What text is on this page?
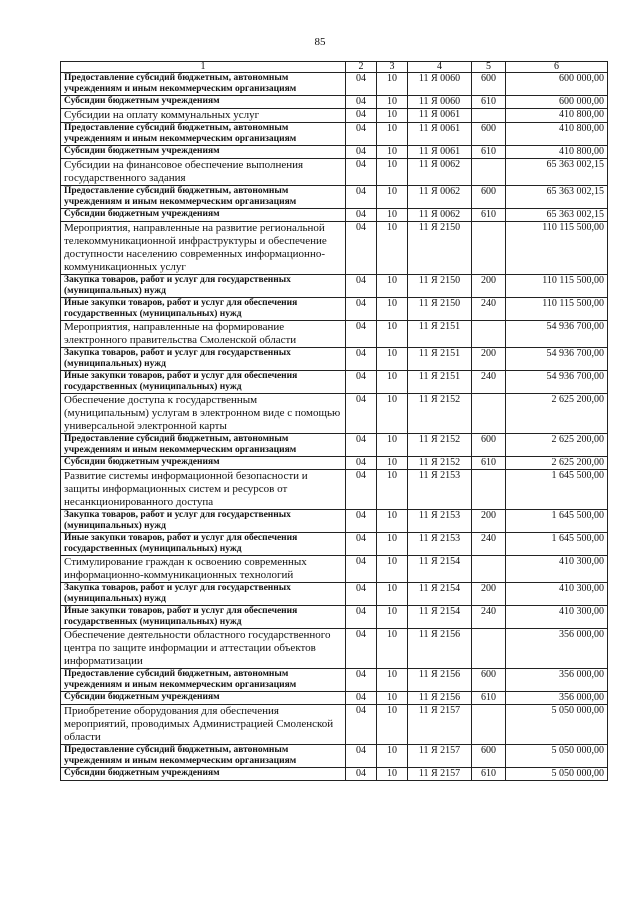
85
1	2	3	4	5	6
Предоставление субсидий бюджетным, автономным учреждениям и иным некоммерческим организациям	04	10	11 Я 0060	600	600 000,00
Субсидии бюджетным учреждениям	04	10	11 Я 0060	610	600 000,00
Субсидии на оплату коммунальных услуг	04	10	11 Я 0061		410 800,00
Предоставление субсидий бюджетным, автономным учреждениям и иным некоммерческим организациям	04	10	11 Я 0061	600	410 800,00
Субсидии бюджетным учреждениям	04	10	11 Я 0061	610	410 800,00
Субсидии на финансовое обеспечение выполнения государственного задания	04	10	11 Я 0062		65 363 002,15
Предоставление субсидий бюджетным, автономным учреждениям и иным некоммерческим организациям	04	10	11 Я 0062	600	65 363 002,15
Субсидии бюджетным учреждениям	04	10	11 Я 0062	610	65 363 002,15
Мероприятия, направленные на развитие региональной телекоммуникационной инфраструктуры и обеспечение доступности населению современных информационно-коммуникационных услуг	04	10	11 Я 2150		110 115 500,00
Закупка товаров, работ и услуг для государственных (муниципальных) нужд	04	10	11 Я 2150	200	110 115 500,00
Иные закупки товаров, работ и услуг для обеспечения государственных (муниципальных) нужд	04	10	11 Я 2150	240	110 115 500,00
Мероприятия, направленные на формирование электронного правительства Смоленской области	04	10	11 Я 2151		54 936 700,00
Закупка товаров, работ и услуг для государственных (муниципальных) нужд	04	10	11 Я 2151	200	54 936 700,00
Иные закупки товаров, работ и услуг для обеспечения государственных (муниципальных) нужд	04	10	11 Я 2151	240	54 936 700,00
Обеспечение доступа к государственным (муниципальным) услугам в электронном виде с помощью универсальной электронной карты	04	10	11 Я 2152		2 625 200,00
Предоставление субсидий бюджетным, автономным учреждениям и иным некоммерческим организациям	04	10	11 Я 2152	600	2 625 200,00
Субсидии бюджетным учреждениям	04	10	11 Я 2152	610	2 625 200,00
Развитие системы информационной безопасности и защиты информационных систем и ресурсов от несанкционированного доступа	04	10	11 Я 2153		1 645 500,00
Закупка товаров, работ и услуг для государственных (муниципальных) нужд	04	10	11 Я 2153	200	1 645 500,00
Иные закупки товаров, работ и услуг для обеспечения государственных (муниципальных) нужд	04	10	11 Я 2153	240	1 645 500,00
Стимулирование граждан к освоению современных информационно-коммуникационных технологий	04	10	11 Я 2154		410 300,00
Закупка товаров, работ и услуг для государственных (муниципальных) нужд	04	10	11 Я 2154	200	410 300,00
Иные закупки товаров, работ и услуг для обеспечения государственных (муниципальных) нужд	04	10	11 Я 2154	240	410 300,00
Обеспечение деятельности областного государственного центра по защите информации и аттестации объектов информатизации	04	10	11 Я 2156		356 000,00
Предоставление субсидий бюджетным, автономным учреждениям и иным некоммерческим организациям	04	10	11 Я 2156	600	356 000,00
Субсидии бюджетным учреждениям	04	10	11 Я 2156	610	356 000,00
Приобретение оборудования для обеспечения мероприятий, проводимых Администрацией Смоленской области	04	10	11 Я 2157		5 050 000,00
Предоставление субсидий бюджетным, автономным учреждениям и иным некоммерческим организациям	04	10	11 Я 2157	600	5 050 000,00
Субсидии бюджетным учреждениям	04	10	11 Я 2157	610	5 050 000,00
